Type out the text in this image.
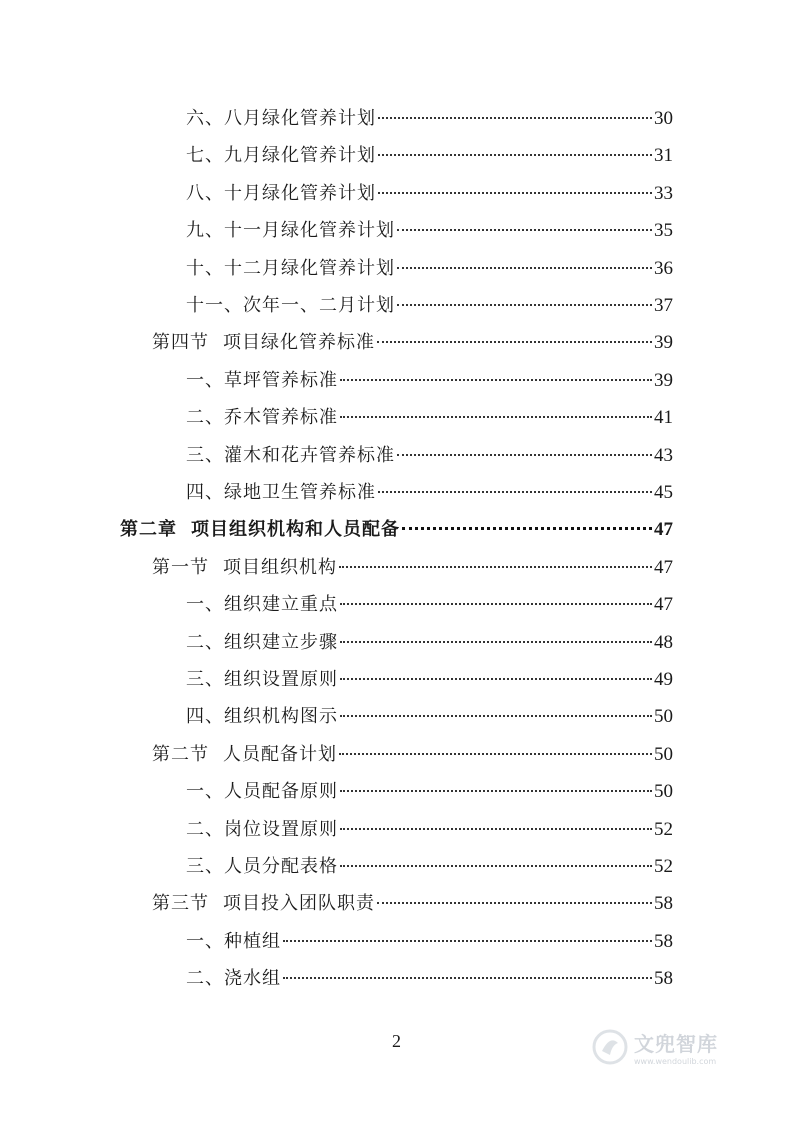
六、八月绿化管养计划	30
七、九月绿化管养计划	31
八、十月绿化管养计划	33
九、十一月绿化管养计划	35
十、十二月绿化管养计划	36
十一、次年一、二月计划	37
第四节 项目绿化管养标准	39
一、草坪管养标准	39
二、乔木管养标准	41
三、灌木和花卉管养标准	43
四、绿地卫生管养标准	45
第二章 项目组织机构和人员配备	47
第一节 项目组织机构	47
一、组织建立重点	47
二、组织建立步骤	48
三、组织设置原则	49
四、组织机构图示	50
第二节 人员配备计划	50
一、人员配备原则	50
二、岗位设置原则	52
三、人员分配表格	52
第三节 项目投入团队职责	58
一、种植组	58
二、浇水组	58
2	文兜智库
www.wendoulib.com
